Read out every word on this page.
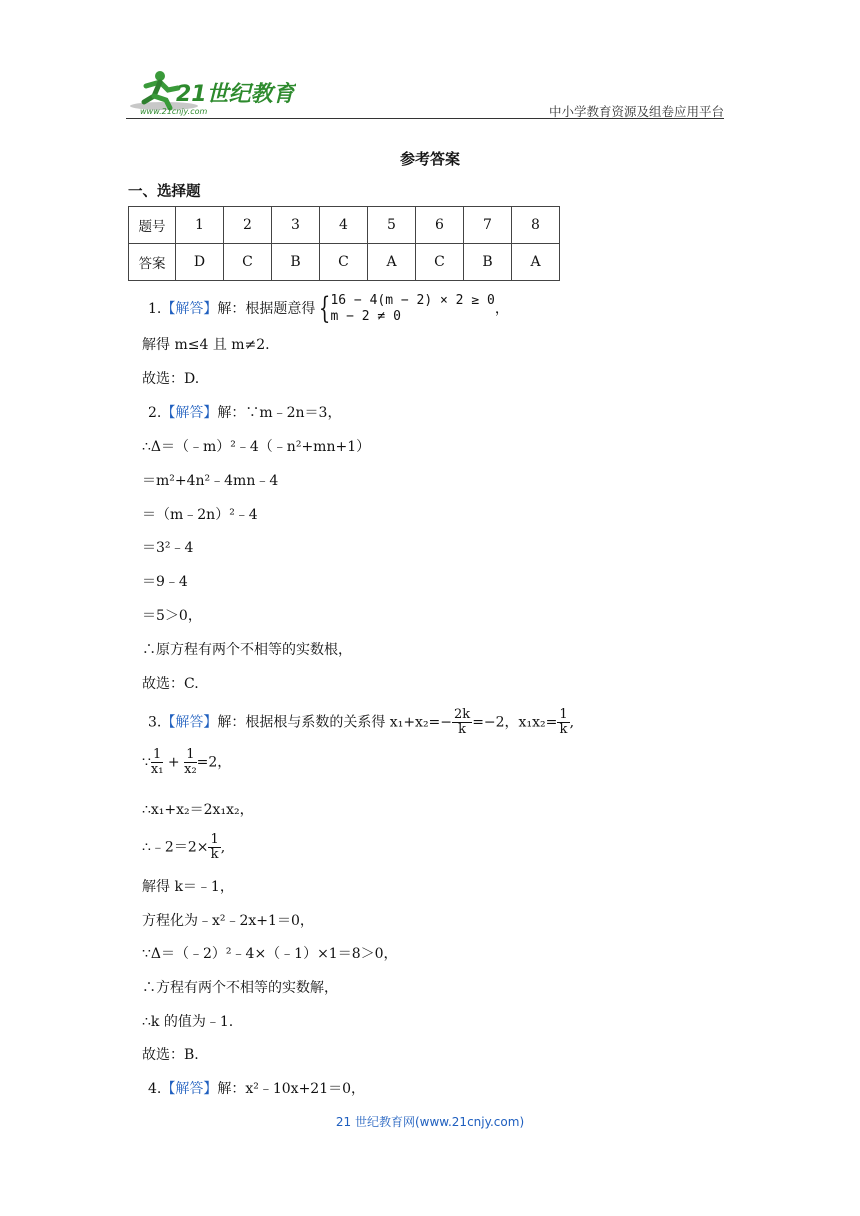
21世纪教育
www.21cnjy.com	中小学教育资源及组卷应用平台
参考答案
一、选择题
题号	1	2	3	4	5	6	7	8
答案	D	C	B	C	A	C	B	A
1.【解答】解：根据题意得 { 16 − 4(m − 2) × 2 ≥ 0
m − 2 ≠ 0	，
解得 m≤4 且 m≠2.
故选：D.
2.【解答】解：∵m﹣2n＝3，
∴Δ＝（﹣m）²﹣4（﹣n²+mn+1）
＝m²+4n²﹣4mn﹣4
＝（m﹣2n）²﹣4
＝3²﹣4
＝9﹣4
＝5＞0，
∴原方程有两个不相等的实数根，
故选：C.
3.【解答】解：根据根与系数的关系得 $x_1+x_2=- \frac{2k}{k} =-2$，$x_1x_2= \frac{1}{k}$ ,
∵ $\frac{1}{\text{x₁}} + \frac{1}{\text{x₂}} =2$，
∴x₁+x₂＝2x₁x₂，
∴﹣2＝2× $\frac{1}{k}$ ,
解得 k＝﹣1，
方程化为﹣x²﹣2x+1＝0，
∵Δ＝（﹣2）²﹣4×（﹣1）×1＝8＞0，
∴方程有两个不相等的实数解，
∴k 的值为﹣1.
故选：B.
4.【解答】解：x²﹣10x+21＝0，
21 世纪教育网(www.21cnjy.com)
